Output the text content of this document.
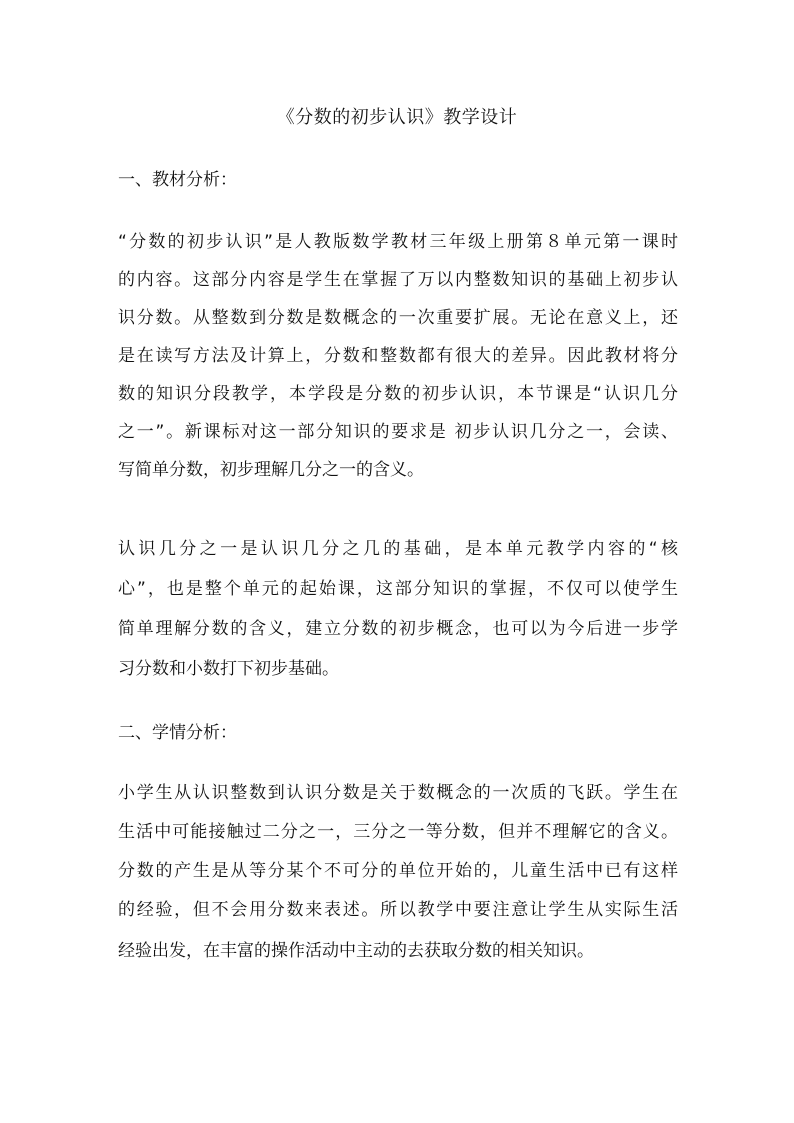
《分数的初步认识》教学设计
一、教材分析：
“分数的初步认识”是人教版数学教材三年级上册第８单元第一课时
的内容。这部分内容是学生在掌握了万以内整数知识的基础上初步认
识分数。从整数到分数是数概念的一次重要扩展。无论在意义上，还
是在读写方法及计算上，分数和整数都有很大的差异。因此教材将分
数的知识分段教学，本学段是分数的初步认识，本节课是“认识几分
之一”。新课标对这一部分知识的要求是 初步认识几分之一，会读、
写简单分数，初步理解几分之一的含义。
认识几分之一是认识几分之几的基础，是本单元教学内容的“核
心”，也是整个单元的起始课，这部分知识的掌握，不仅可以使学生
简单理解分数的含义，建立分数的初步概念，也可以为今后进一步学
习分数和小数打下初步基础。
二、学情分析：
小学生从认识整数到认识分数是关于数概念的一次质的飞跃。学生在
生活中可能接触过二分之一，三分之一等分数，但并不理解它的含义。
分数的产生是从等分某个不可分的单位开始的，儿童生活中已有这样
的经验，但不会用分数来表述。所以教学中要注意让学生从实际生活
经验出发，在丰富的操作活动中主动的去获取分数的相关知识。
